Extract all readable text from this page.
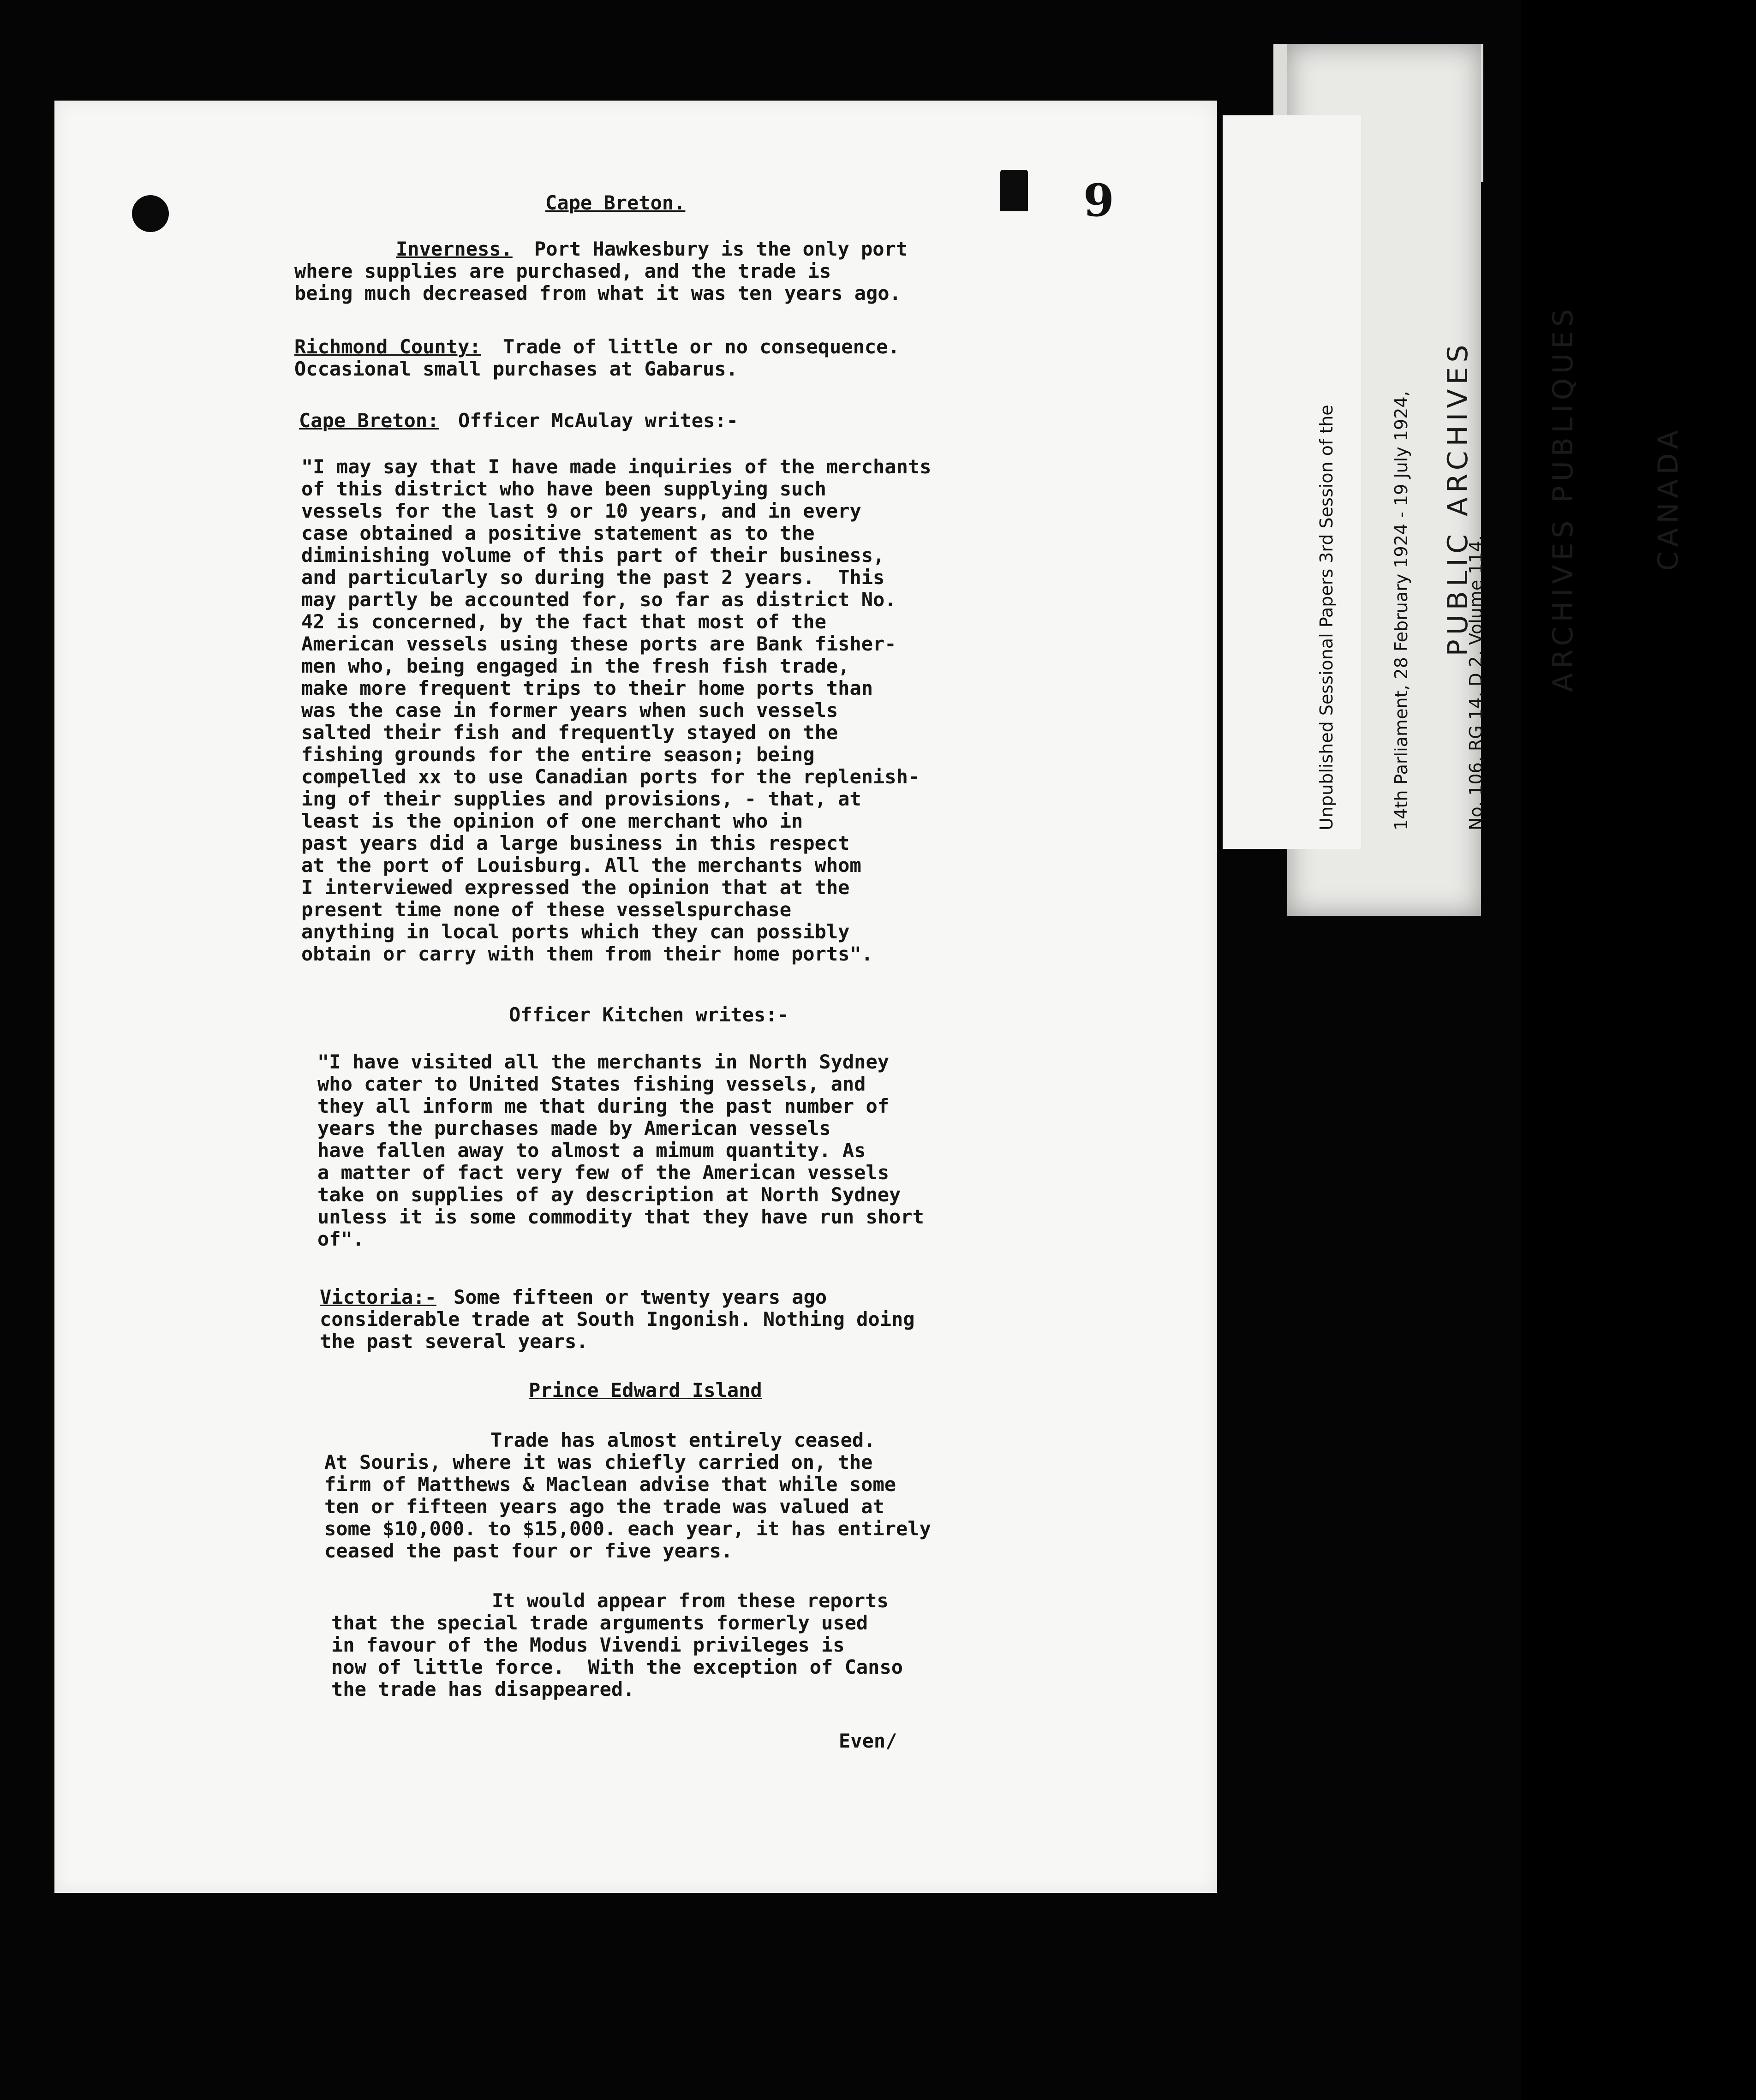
9
Cape Breton.
Inverness. Port Hawkesbury is the only port
where supplies are purchased, and the trade is
being much decreased from what it was ten years ago.
Richmond County: Trade of little or no consequence.
Occasional small purchases at Gabarus.
Cape Breton: Officer McAulay writes:-
"I may say that I have made inquiries of the merchants
of this district who have been supplying such
vessels for the last 9 or 10 years, and in every
case obtained a positive statement as to the
diminishing volume of this part of their business,
and particularly so during the past 2 years.  This
may partly be accounted for, so far as district No.
42 is concerned, by the fact that most of the
American vessels using these ports are Bank fisher-
men who, being engaged in the fresh fish trade,
make more frequent trips to their home ports than
was the case in former years when such vessels
salted their fish and frequently stayed on the
fishing grounds for the entire season; being
compelled xx to use Canadian ports for the replenish-
ing of their supplies and provisions, - that, at
least is the opinion of one merchant who in
past years did a large business in this respect
at the port of Louisburg. All the merchants whom
I interviewed expressed the opinion that at the
present time none of these vesselspurchase
anything in local ports which they can possibly
obtain or carry with them from their home ports".
Officer Kitchen writes:-
"I have visited all the merchants in North Sydney
who cater to United States fishing vessels, and
they all inform me that during the past number of
years the purchases made by American vessels
have fallen away to almost a mimum quantity. As
a matter of fact very few of the American vessels
take on supplies of ay description at North Sydney
unless it is some commodity that they have run short
of".
Victoria:- Some fifteen or twenty years ago
considerable trade at South Ingonish. Nothing doing
the past several years.
Prince Edward Island
Trade has almost entirely ceased.
At Souris, where it was chiefly carried on, the
firm of Matthews & Maclean advise that while some
ten or fifteen years ago the trade was valued at
some $10,000. to $15,000. each year, it has entirely
ceased the past four or five years.
It would appear from these reports
that the special trade arguments formerly used
in favour of the Modus Vivendi privileges is
now of little force.  With the exception of Canso
the trade has disappeared.
Even/

Unpublished Sessional Papers 3rd Session of the

	14th Parliament, 28 February 1924 - 19 July 1924,

	No. 106, RG 14, D 2, Volume 114.

PUBLIC ARCHIVES

	ARCHIVES PUBLIQUES

	CANADA
